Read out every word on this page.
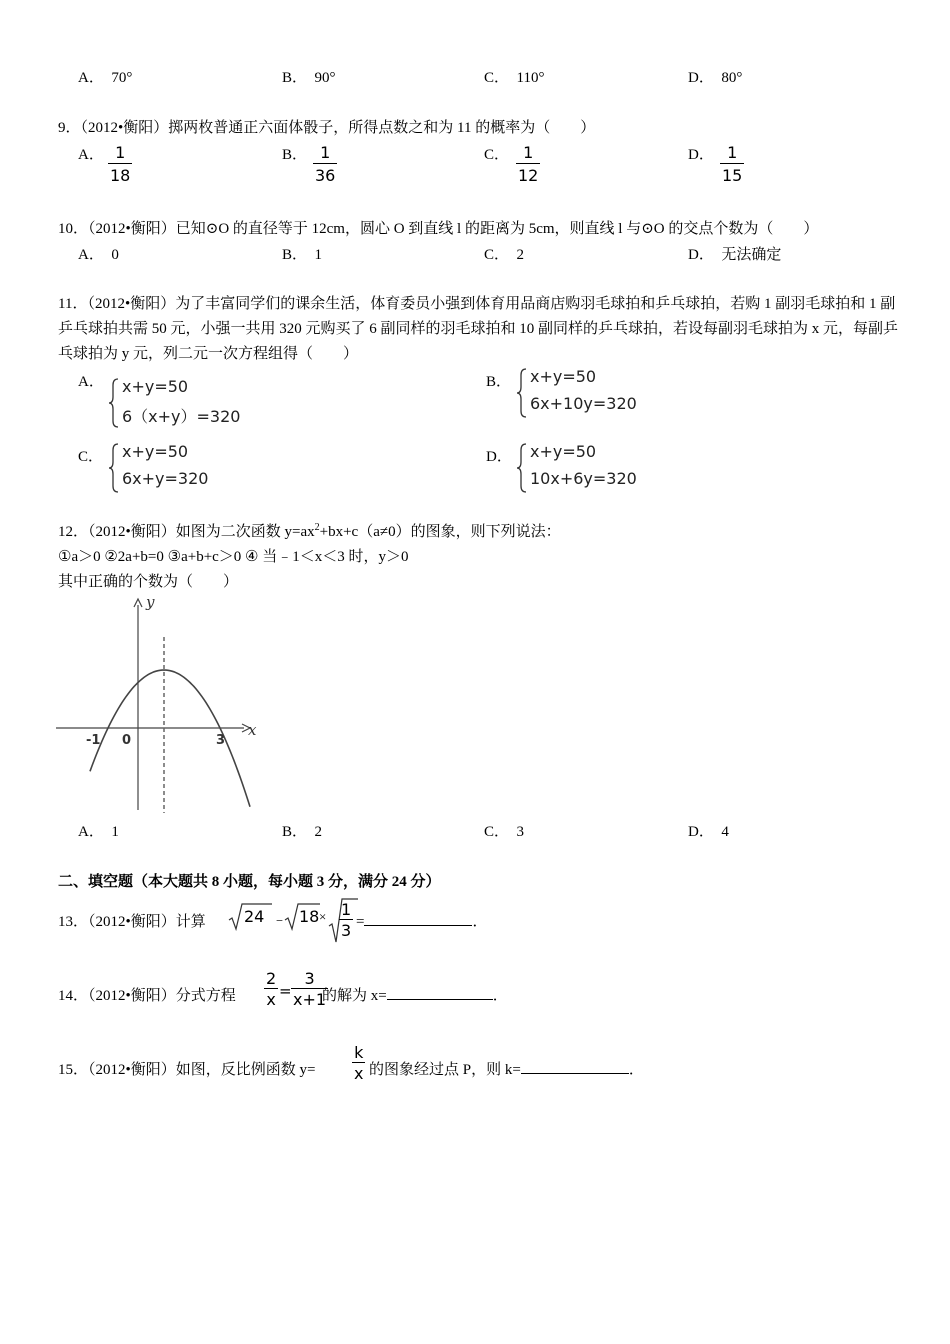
A． 70°	B． 90°	C． 110°	D． 80°
9．（2012•衡阳）掷两枚普通正六面体骰子，所得点数之和为 11 的概率为（　　）
A． 1
18
B． 1
36
C． 1
12
D． 1
15
10．（2012•衡阳）已知⊙O 的直径等于 12cm，圆心 O 到直线 l 的距离为 5cm，则直线 l 与⊙O 的交点个数为（　　）
A． 0	B． 1	C． 2	D． 无法确定
11．（2012•衡阳）为了丰富同学们的课余生活，体育委员小强到体育用品商店购羽毛球拍和乒乓球拍，若购 1 副羽毛球拍和 1 副乒乓球拍共需 50 元，小强一共用 320 元购买了 6 副同样的羽毛球拍和 10 副同样的乒乓球拍，若设每副羽毛球拍为 x 元，每副乒乓球拍为 y 元，列二元一次方程组得（　　）
A． x+y=50
6（x+y）=320
B． x+y=50
6x+10y=320
C． x+y=50
6x+y=320
D． x+y=50
10x+6y=320
12．（2012•衡阳）如图为二次函数 $y=ax^2+bx+c(a\ne 0)$的图象，则下列说法：
①a＞0 ②2a+b=0 ③a+b+c＞0 ④ 当﹣1＜x＜3 时，y＞0
其中正确的个数为（　　）
y
x
-1 0	3
A． 1	B． 2	C． 3	D． 4
二、填空题（本大题共 8 小题，每小题 3 分，满分 24 分）
13．（2012•衡阳）计算 24 ﹣ 18 × 1
3 =	．
14．（2012•衡阳）分式方程
2
x =
3
x+1
的解为 x=	．
15．（2012•衡阳）如图，反比例函数 y=
k
x 的图象经过点 P，则 k=	．
